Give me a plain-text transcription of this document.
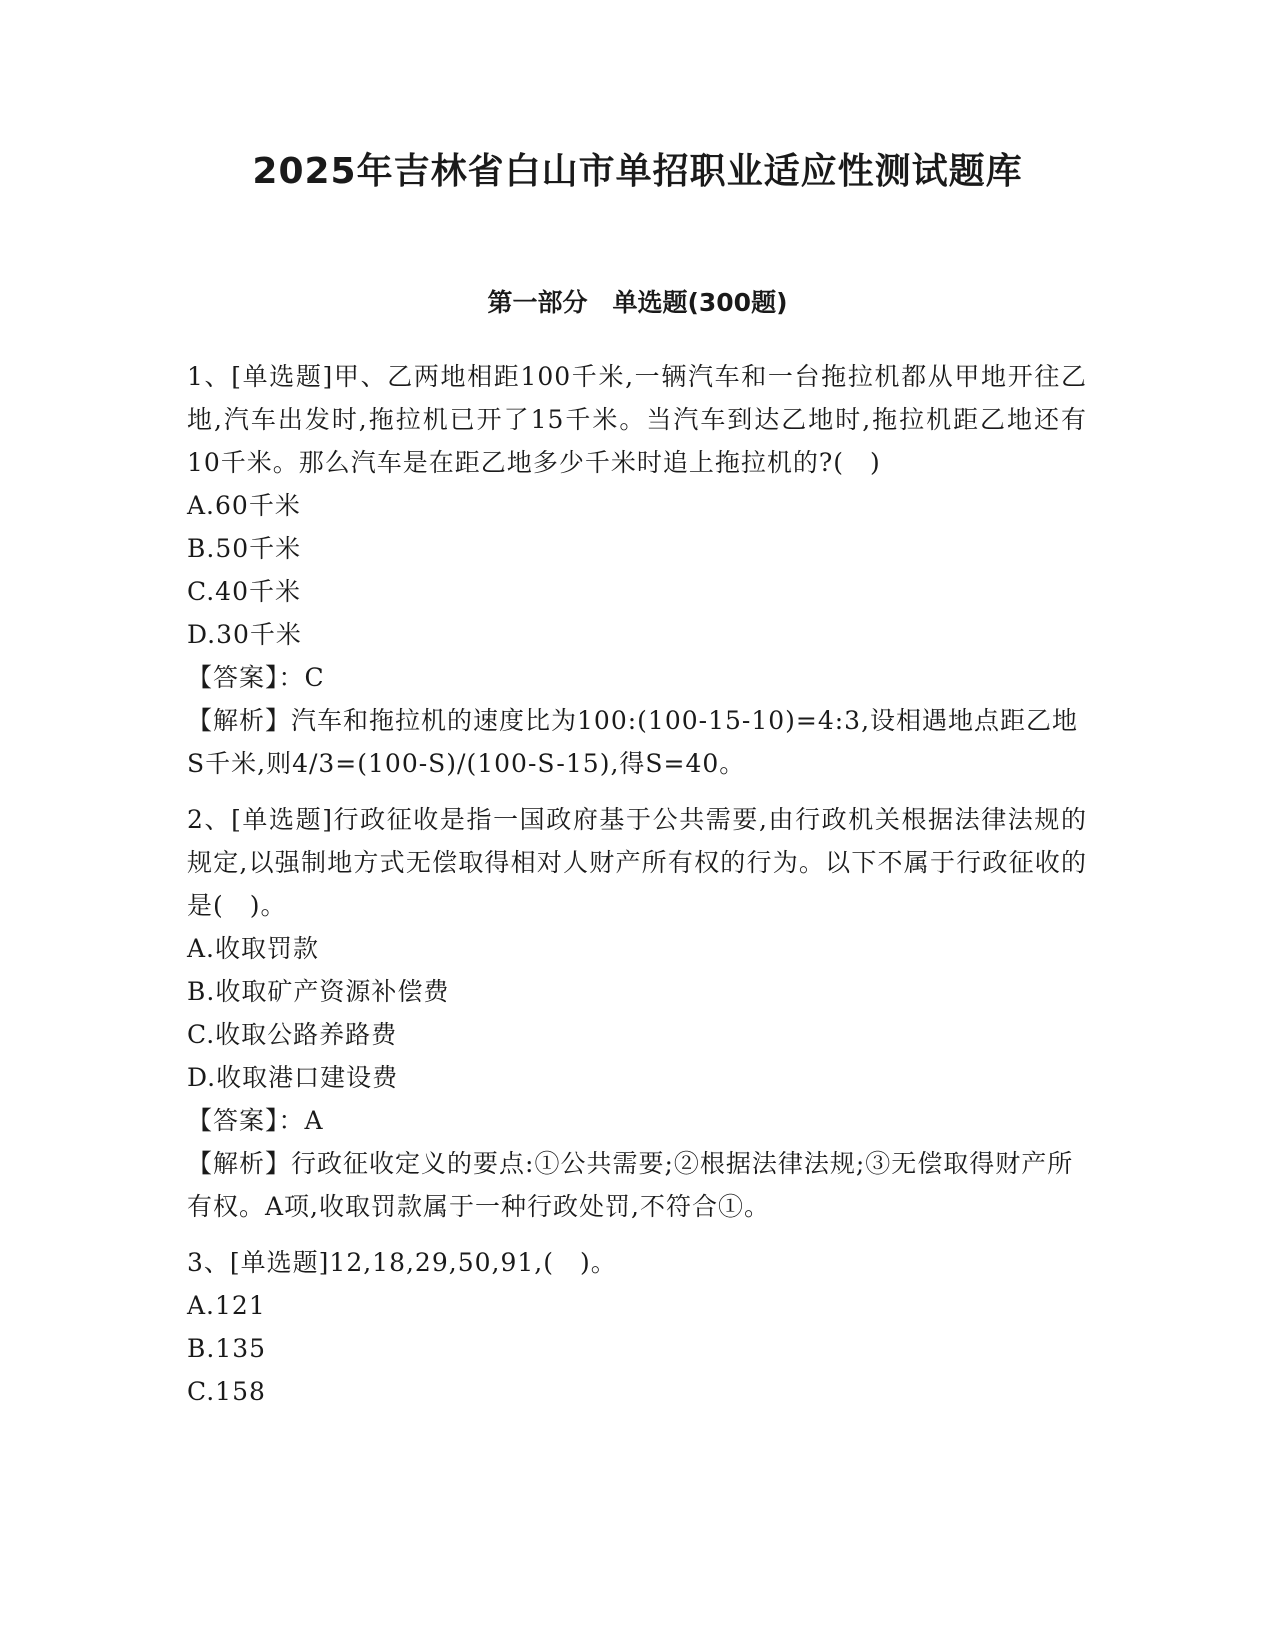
2025年吉林省白山市单招职业适应性测试题库
第一部分　单选题(300题)

1、[单选题]甲、乙两地相距100千米,一辆汽车和一台拖拉机都从甲地开往乙地,汽车出发时,拖拉机已开了15千米。当汽车到达乙地时,拖拉机距乙地还有10千米。那么汽车是在距乙地多少千米时追上拖拉机的?(　)

A.60千米

B.50千米

C.40千米

D.30千米

【答案】：C

【解析】汽车和拖拉机的速度比为100:(100-15-10)=4:3,设相遇地点距乙地S千米,则4/3=(100-S)/(100-S-15),得S=40。

2、[单选题]行政征收是指一国政府基于公共需要,由行政机关根据法律法规的规定,以强制地方式无偿取得相对人财产所有权的行为。以下不属于行政征收的是(　)。

A.收取罚款

B.收取矿产资源补偿费

C.收取公路养路费

D.收取港口建设费

【答案】：A

【解析】行政征收定义的要点:①公共需要;②根据法律法规;③无偿取得财产所有权。A项,收取罚款属于一种行政处罚,不符合①。

3、[单选题]12,18,29,50,91,(　)。

A.121

B.135

C.158
